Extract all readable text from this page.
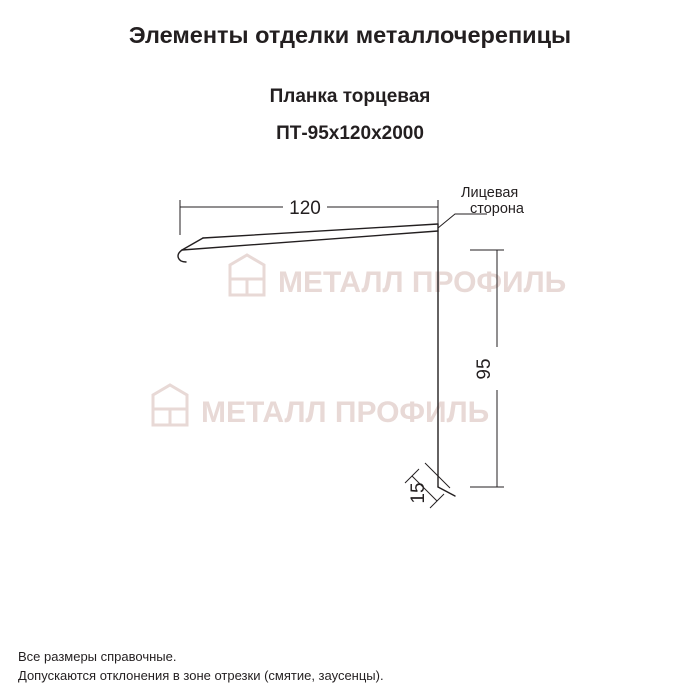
Элементы отделки металлочерепицы
Планка торцевая
ПТ-95х120х2000
МЕТАЛЛ ПРОФИЛЬ
МЕТАЛЛ ПРОФИЛЬ
120
95
15
Лицевая
сторона
Все размеры справочные.
Допускаются отклонения в зоне отрезки (смятие, заусенцы).
